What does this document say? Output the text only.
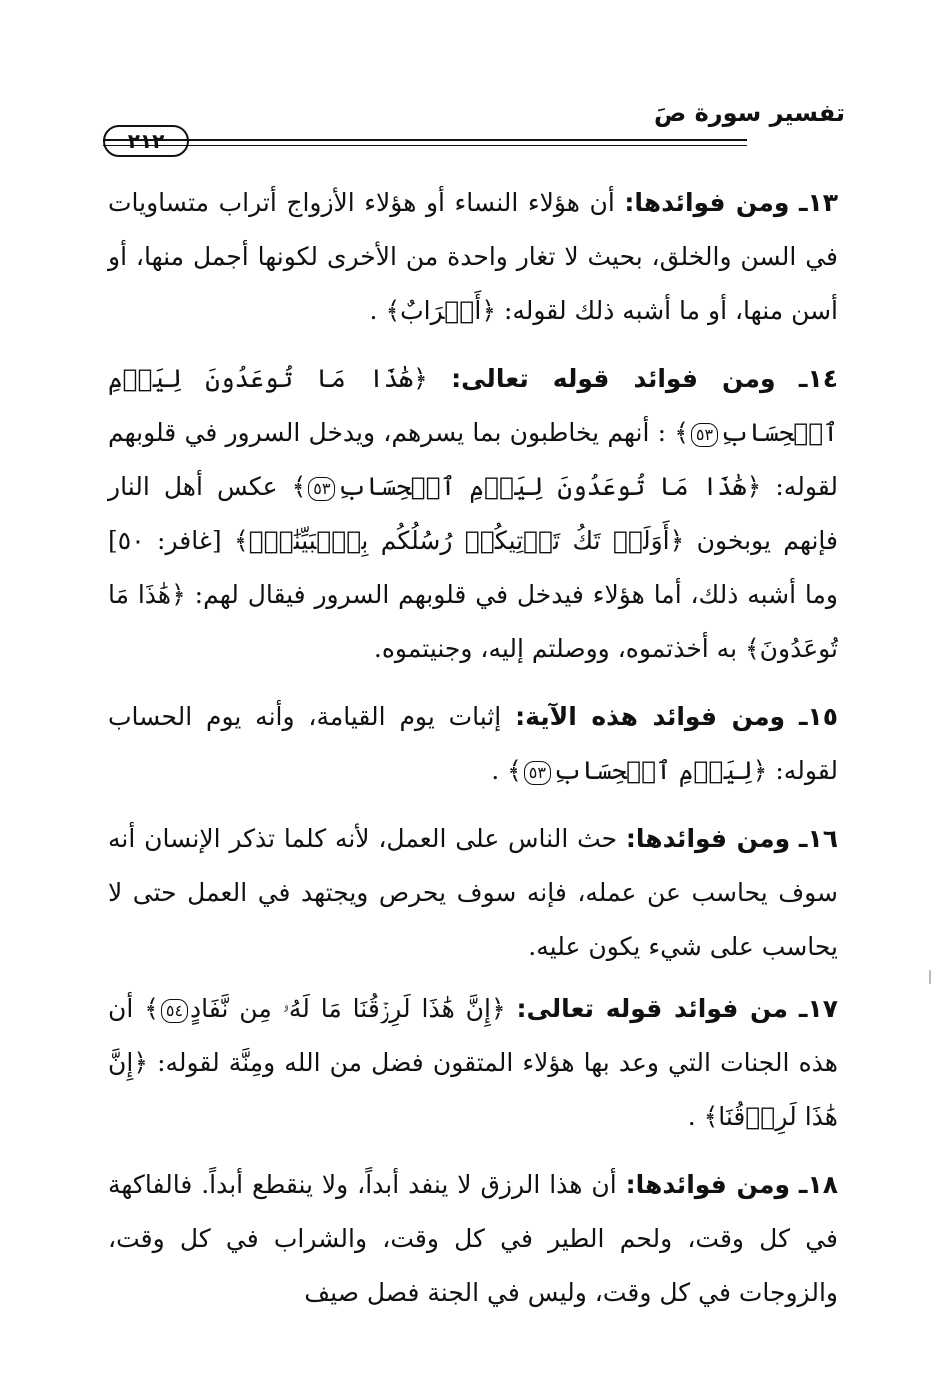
تفسير سورة صَ
٢١٢

١٣ـ ومن فوائدها: أن هؤلاء النساء أو هؤلاء الأزواج أتراب متساويات في السن والخلق، بحيث لا تغار واحدة من الأخرى لكونها أجمل منها، أو أسن منها، أو ما أشبه ذلك لقوله: ﴿أَتۡرَابٌ﴾ .

١٤ـ ومن فوائد قوله تعالى: ﴿هَٰذَا مَا تُوعَدُونَ لِيَوۡمِ ٱلۡحِسَابِ٥٣﴾ : أنهم يخاطبون بما يسرهم، ويدخل السرور في قلوبهم لقوله: ﴿هَٰذَا مَا تُوعَدُونَ لِيَوۡمِ ٱلۡحِسَابِ٥٣﴾ عكس أهل النار فإنهم يوبخون ﴿أَوَلَمۡ تَكُ تَأۡتِيكُمۡ رُسُلُكُم بِٱلۡبَيِّنَٰتِۖ﴾ [غافر: ٥٠] وما أشبه ذلك، أما هؤلاء فيدخل في قلوبهم السرور فيقال لهم: ﴿هَٰذَا مَا تُوعَدُونَ﴾ به أخذتموه، ووصلتم إليه، وجنيتموه.

١٥ـ ومن فوائد هذه الآية: إثبات يوم القيامة، وأنه يوم الحساب لقوله: ﴿لِيَوۡمِ ٱلۡحِسَابِ٥٣﴾ .

١٦ـ ومن فوائدها: حث الناس على العمل، لأنه كلما تذكر الإنسان أنه سوف يحاسب عن عمله، فإنه سوف يحرص ويجتهد في العمل حتى لا يحاسب على شيء يكون عليه.

١٧ـ من فوائد قوله تعالى: ﴿إِنَّ هَٰذَا لَرِزۡقُنَا مَا لَهُۥ مِن نَّفَادٍ٥٤﴾ أن هذه الجنات التي وعد بها هؤلاء المتقون فضل من الله ومِنَّة لقوله: ﴿إِنَّ هَٰذَا لَرِزۡقُنَا﴾ .

١٨ـ ومن فوائدها: أن هذا الرزق لا ينفد أبداً، ولا ينقطع أبداً. فالفاكهة في كل وقت، ولحم الطير في كل وقت، والشراب في كل وقت، والزوجات في كل وقت، وليس في الجنة فصل صيف
